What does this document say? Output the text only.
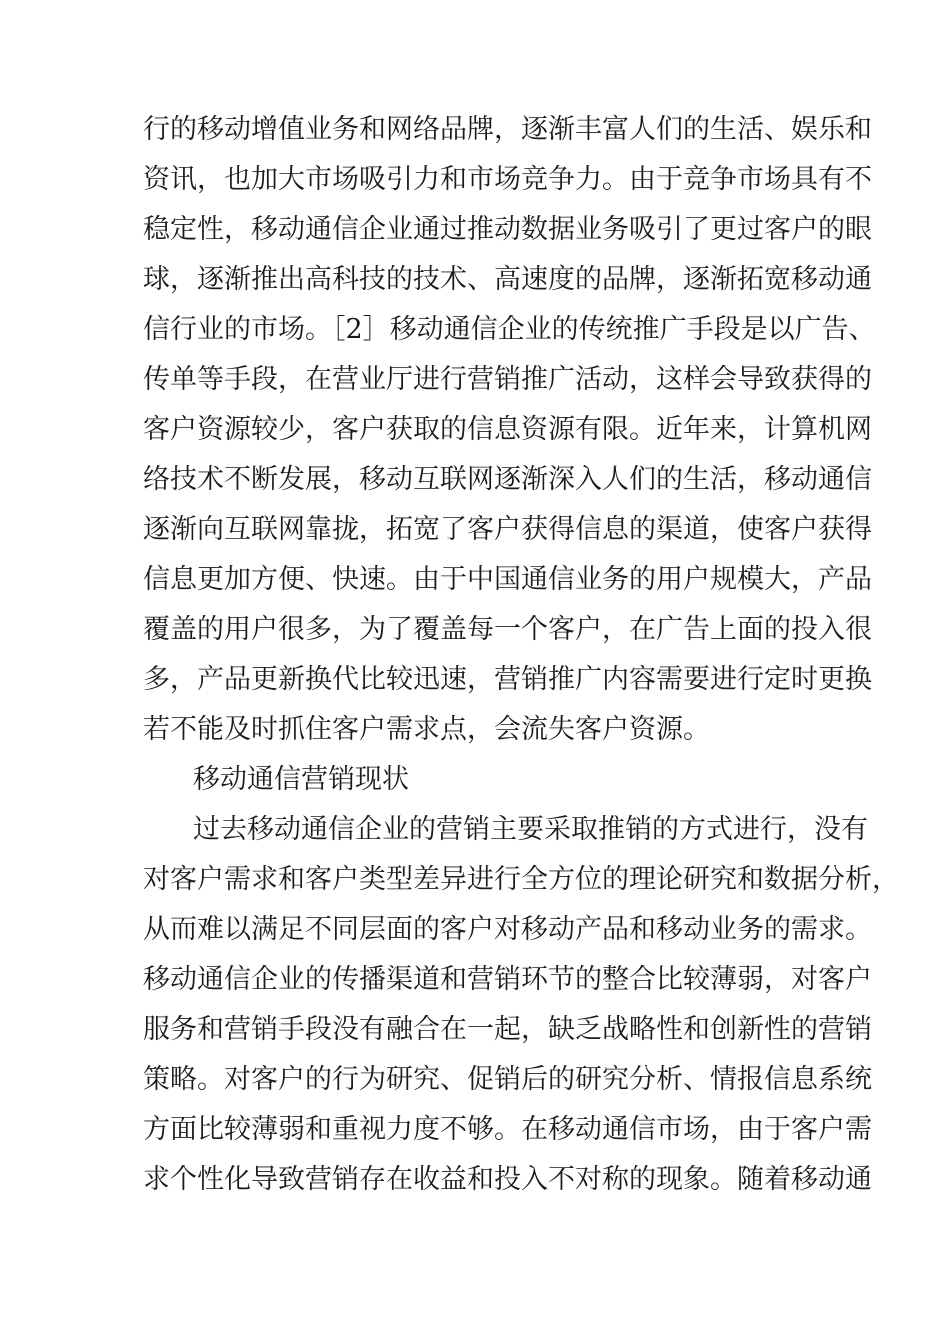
行的移动增值业务和网络品牌，逐渐丰富人们的生活、娱乐和
资讯，也加大市场吸引力和市场竞争力。由于竞争市场具有不
稳定性，移动通信企业通过推动数据业务吸引了更过客户的眼
球，逐渐推出高科技的技术、高速度的品牌，逐渐拓宽移动通
信行业的市场。［2］移动通信企业的传统推广手段是以广告、
传单等手段，在营业厅进行营销推广活动，这样会导致获得的
客户资源较少，客户获取的信息资源有限。近年来，计算机网
络技术不断发展，移动互联网逐渐深入人们的生活，移动通信
逐渐向互联网靠拢，拓宽了客户获得信息的渠道，使客户获得
信息更加方便、快速。由于中国通信业务的用户规模大，产品
覆盖的用户很多，为了覆盖每一个客户，在广告上面的投入很
多，产品更新换代比较迅速，营销推广内容需要进行定时更换
若不能及时抓住客户需求点，会流失客户资源。
移动通信营销现状
过去移动通信企业的营销主要采取推销的方式进行，没有
对客户需求和客户类型差异进行全方位的理论研究和数据分析，
从而难以满足不同层面的客户对移动产品和移动业务的需求。
移动通信企业的传播渠道和营销环节的整合比较薄弱，对客户
服务和营销手段没有融合在一起，缺乏战略性和创新性的营销
策略。对客户的行为研究、促销后的研究分析、情报信息系统
方面比较薄弱和重视力度不够。在移动通信市场，由于客户需
求个性化导致营销存在收益和投入不对称的现象。随着移动通
